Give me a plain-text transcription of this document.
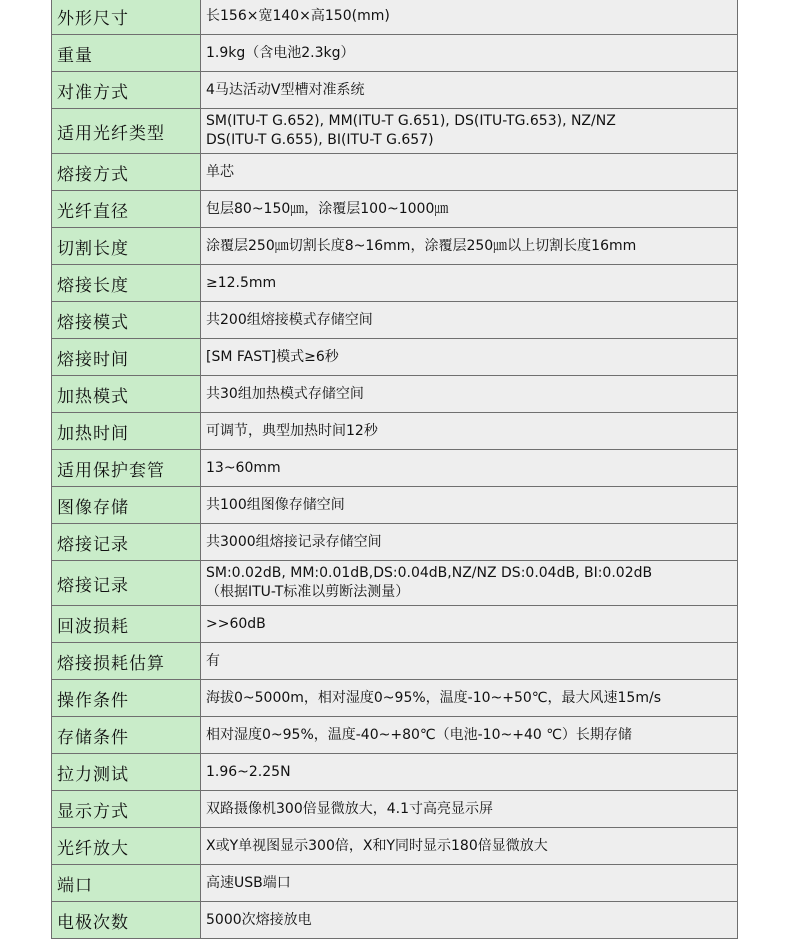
外形尺寸	长156×宽140×高150(mm)

重量	1.9kg（含电池2.3kg）

对准方式	4马达活动V型槽对准系统

适用光纤类型	SM(ITU-T G.652), MM(ITU-T G.651), DS(ITU-TG.653), NZ/NZ
DS(ITU-T G.655), BI(ITU-T G.657)

熔接方式	单芯

光纤直径	包层80~150㎛，涂覆层100~1000㎛

切割长度	涂覆层250㎛切割长度8~16mm，涂覆层250㎛以上切割长度16mm

熔接长度	≥12.5mm

熔接模式	共200组熔接模式存储空间

熔接时间	[SM FAST]模式≥6秒

加热模式	共30组加热模式存储空间

加热时间	可调节，典型加热时间12秒

适用保护套管	13~60mm

图像存储	共100组图像存储空间

熔接记录	共3000组熔接记录存储空间

熔接记录	SM:0.02dB, MM:0.01dB,DS:0.04dB,NZ/NZ DS:0.04dB, BI:0.02dB
（根据ITU-T标准以剪断法测量）

回波损耗	>>60dB

熔接损耗估算	有

操作条件	海拔0~5000m，相对湿度0~95%，温度-10~+50℃，最大风速15m/s

存储条件	相对湿度0~95%，温度-40~+80℃（电池-10~+40 ℃）长期存储

拉力测试	1.96~2.25N

显示方式	双路摄像机300倍显微放大，4.1寸高亮显示屏

光纤放大	X或Y单视图显示300倍，X和Y同时显示180倍显微放大

端口	高速USB端口

电极次数	5000次熔接放电
